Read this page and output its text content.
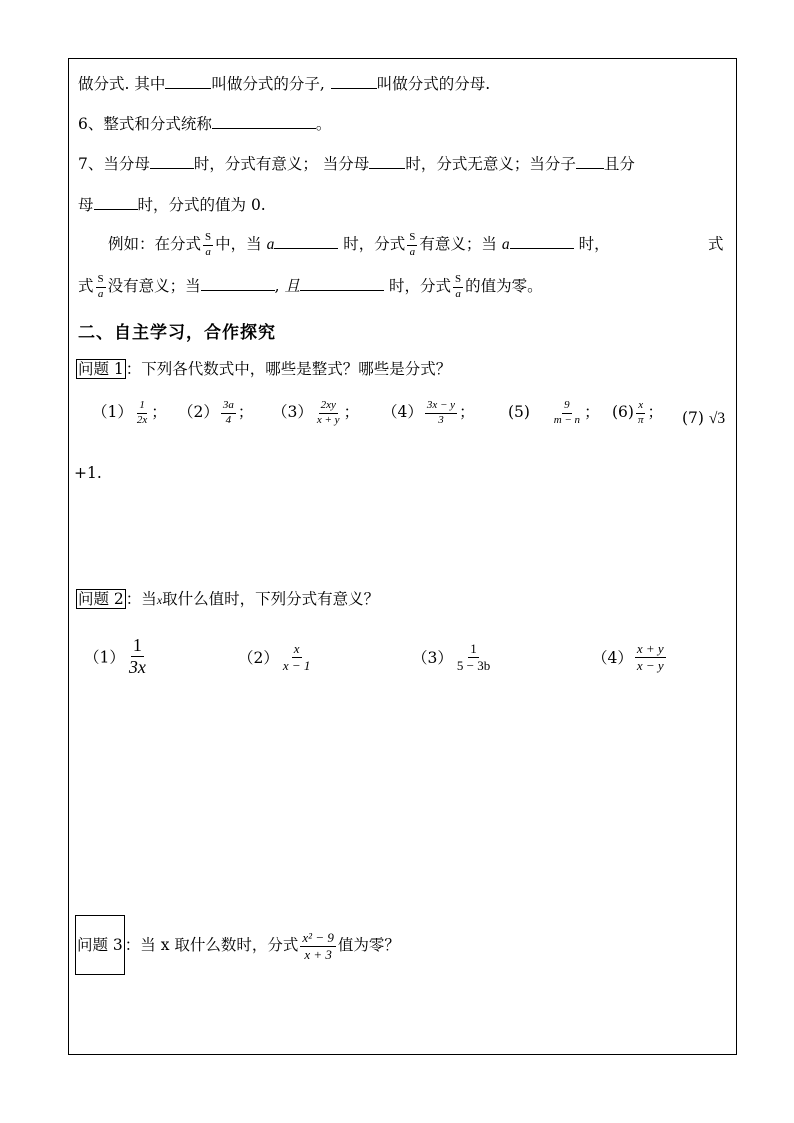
做分式. 其中	叫做分式的分子,	叫做分式的分母.
6、整式和分式统称	。
7、当分母	时，分式有意义； 当分母 时，分式无意义；当分子 且分
母	时，分式的值为 0.
例如：在分式 $\frac{S}{a}$ 中，当 a	时，分式 $\frac{S}{a}$ 有意义；当 a	时，	式
式 $\frac{S}{a}$ 没有意义；当	, 且	时，分式 $\frac{S}{a}$ 的值为零。
二、自主学习，合作探究
问题 1 ：下列各代数式中，哪些是整式？哪些是分式？
$(1) \frac{1}{2x}$ ； $(2) \frac{3a}{4}$ ； $(3) \frac{2xy}{x + y}$ ； $(4) \frac{3x - y}{3}$ ； $(5) \frac{9}{m - n}$ ； $(6) \frac{x}{\pi}$ ； (7) √3
+1.
问题 2 ：当x取什么值时，下列分式有意义？
$(1) \frac{1}{3x}$	$(2) \frac{x}{x - 1}$	$(3) \frac{1}{5 - 3b}$	$(4) \frac{x + y}{x - y}$
问题 3 ：当 x 取什么数时，分式 $\frac{\text{x² − 9}}{x + 3}$ 值为零？
